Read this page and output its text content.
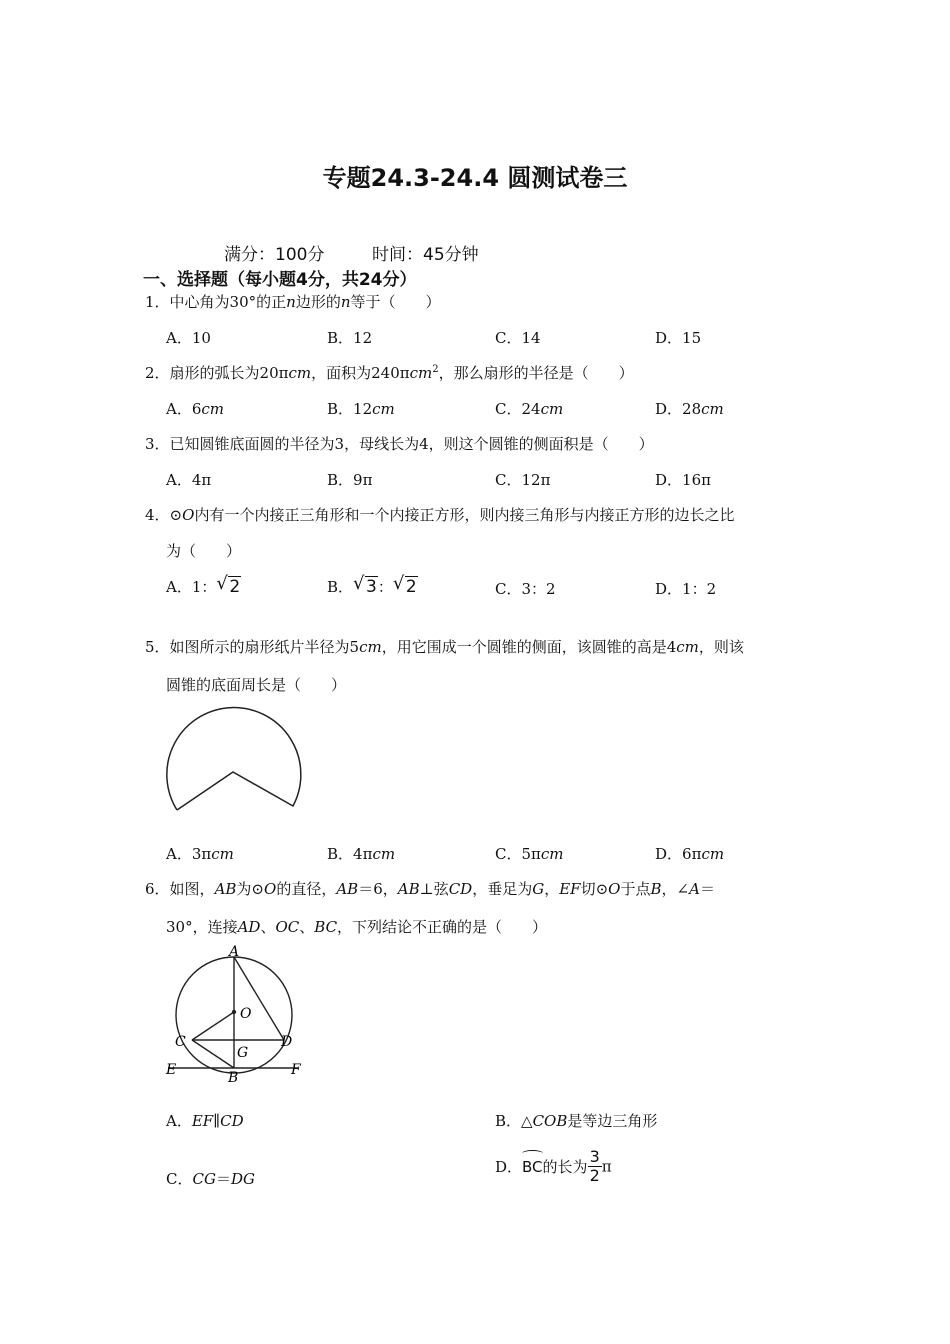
专题24.3-24.4 圆测试卷三
满分：100分	时间：45分钟
一、选择题（每小题4分，共24分）
1．中心角为30°的正n边形的n等于（　　）
A．10	B．12	C．14	D．15
2．扇形的弧长为20πcm，面积为240πcm$^2$，那么扇形的半径是（　　）
A．6cm	B．12cm	C．24cm	D．28cm
3．已知圆锥底面圆的半径为3，母线长为4，则这个圆锥的侧面积是（　　）
A．4π	B．9π	C．12π	D．16π
4．⊙O内有一个内接正三角形和一个内接正方形，则内接三角形与内接正方形的边长之比
为（　　）
A．1： √ 2	B． √ 3： √ 2	C．3：2	D．1：2
5．如图所示的扇形纸片半径为5cm，用它围成一个圆锥的侧面，该圆锥的高是4cm，则该
圆锥的底面周长是（　　）
A．3πcm	B．4πcm	C．5πcm	D．6πcm
6．如图，AB为⊙O的直径，AB＝6，AB⊥弦CD，垂足为G，EF切⊙O于点B，∠A＝
30°，连接AD、OC、BC，下列结论不正确的是（　　）
A
O
C	D
G
E	B	F
A．EF∥CD	B．△COB是等边三角形
C．CG＝DG
D．
BC的长为 $\frac{3}{2}$ π
